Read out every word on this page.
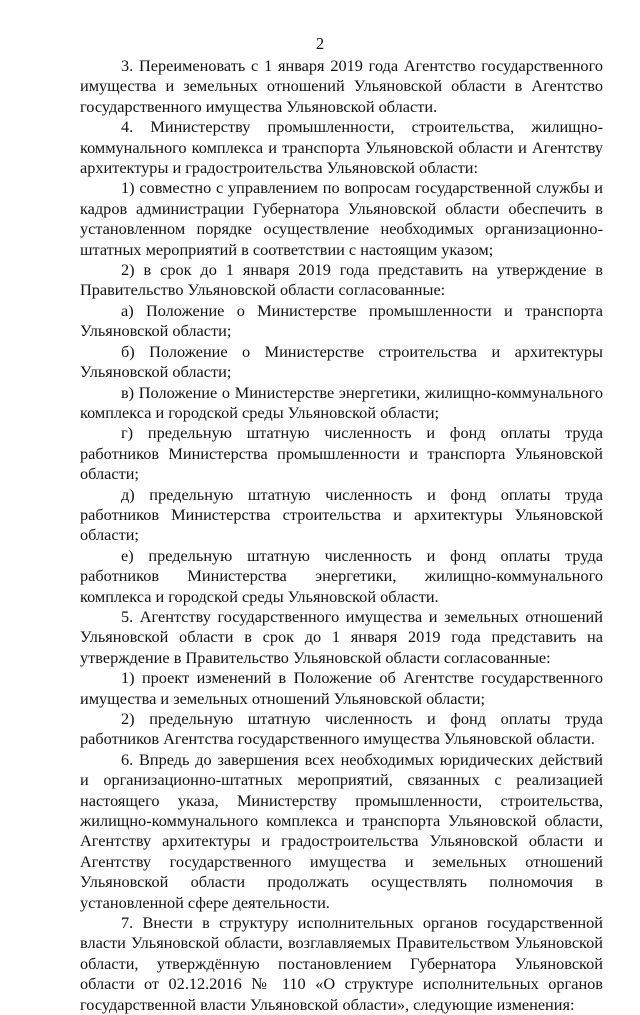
2

3. Переименовать с 1 января 2019 года Агентство государственного имущества и земельных отношений Ульяновской области в Агентство государственного имущества Ульяновской области.

4. Министерству промышленности, строительства, жилищно-коммунального комплекса и транспорта Ульяновской области и Агентству архитектуры и градостроительства Ульяновской области:

1) совместно с управлением по вопросам государственной службы и кадров администрации Губернатора Ульяновской области обеспечить в установленном порядке осуществление необходимых организационно-штатных мероприятий в соответствии с настоящим указом;

2) в срок до 1 января 2019 года представить на утверждение в Правительство Ульяновской области согласованные:

а) Положение о Министерстве промышленности и транспорта Ульяновской области;

б) Положение о Министерстве строительства и архитектуры Ульяновской области;

в) Положение о Министерстве энергетики, жилищно-коммунального комплекса и городской среды Ульяновской области;

г) предельную штатную численность и фонд оплаты труда работников Министерства промышленности и транспорта Ульяновской области;

д) предельную штатную численность и фонд оплаты труда работников Министерства строительства и архитектуры Ульяновской области;

е) предельную штатную численность и фонд оплаты труда работников Министерства энергетики, жилищно-коммунального комплекса и городской среды Ульяновской области.

5. Агентству государственного имущества и земельных отношений Ульяновской области в срок до 1 января 2019 года представить на утверждение в Правительство Ульяновской области согласованные:

1) проект изменений в Положение об Агентстве государственного имущества и земельных отношений Ульяновской области;

2) предельную штатную численность и фонд оплаты труда работников Агентства государственного имущества Ульяновской области.

6. Впредь до завершения всех необходимых юридических действий и организационно-штатных мероприятий, связанных с реализацией настоящего указа, Министерству промышленности, строительства, жилищно-коммунального комплекса и транспорта Ульяновской области, Агентству архитектуры и градостроительства Ульяновской области и Агентству государственного имущества и земельных отношений Ульяновской области продолжать осуществлять полномочия в установленной сфере деятельности.

7. Внести в структуру исполнительных органов государственной власти Ульяновской области, возглавляемых Правительством Ульяновской области, утверждённую постановлением Губернатора Ульяновской области от 02.12.2016 № 110 «О структуре исполнительных органов государственной власти Ульяновской области», следующие изменения:
